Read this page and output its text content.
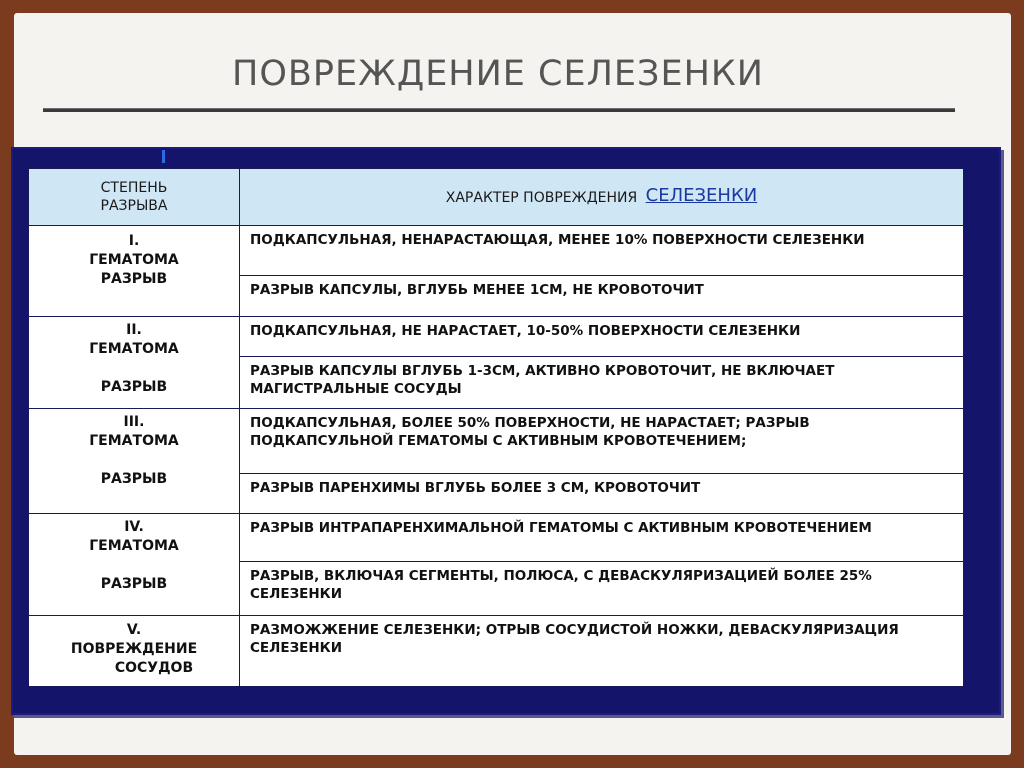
ПОВРЕЖДЕНИЕ СЕЛЕЗЕНКИ
СТЕПЕНЬ
РАЗРЫВА	ХАРАКТЕР ПОВРЕЖДЕНИЯ СЕЛЕЗЕНКИ

I.
ГЕМАТОМА
РАЗРЫВ	ПОДКАПСУЛЬНАЯ, НЕНАРАСТАЮЩАЯ, МЕНЕЕ 10% ПОВЕРХНОСТИ СЕЛЕЗЕНКИ
	РАЗРЫВ КАПСУЛЫ, ВГЛУБЬ МЕНЕЕ 1СМ, НЕ КРОВОТОЧИТ

II.
ГЕМАТОМА
РАЗРЫВ	ПОДКАПСУЛЬНАЯ, НЕ НАРАСТАЕТ, 10-50% ПОВЕРХНОСТИ СЕЛЕЗЕНКИ
	РАЗРЫВ КАПСУЛЫ ВГЛУБЬ 1-3СМ, АКТИВНО КРОВОТОЧИТ, НЕ ВКЛЮЧАЕТ МАГИСТРАЛЬНЫЕ СОСУДЫ

III.
ГЕМАТОМА
РАЗРЫВ	ПОДКАПСУЛЬНАЯ, БОЛЕЕ 50% ПОВЕРХНОСТИ, НЕ НАРАСТАЕТ; РАЗРЫВ ПОДКАПСУЛЬНОЙ ГЕМАТОМЫ С АКТИВНЫМ КРОВОТЕЧЕНИЕМ;
	РАЗРЫВ ПАРЕНХИМЫ ВГЛУБЬ БОЛЕЕ 3 СМ, КРОВОТОЧИТ

IV.
ГЕМАТОМА
РАЗРЫВ	РАЗРЫВ ИНТРАПАРЕНХИМАЛЬНОЙ ГЕМАТОМЫ С АКТИВНЫМ КРОВОТЕЧЕНИЕМ
	РАЗРЫВ, ВКЛЮЧАЯ СЕГМЕНТЫ, ПОЛЮСА, С ДЕВАСКУЛЯРИЗАЦИЕЙ БОЛЕЕ 25% СЕЛЕЗЕНКИ

V.
ПОВРЕЖДЕНИЕ
СОСУДОВ	РАЗМОЖЖЕНИЕ СЕЛЕЗЕНКИ; ОТРЫВ СОСУДИСТОЙ НОЖКИ, ДЕВАСКУЛЯРИЗАЦИЯ СЕЛЕЗЕНКИ
